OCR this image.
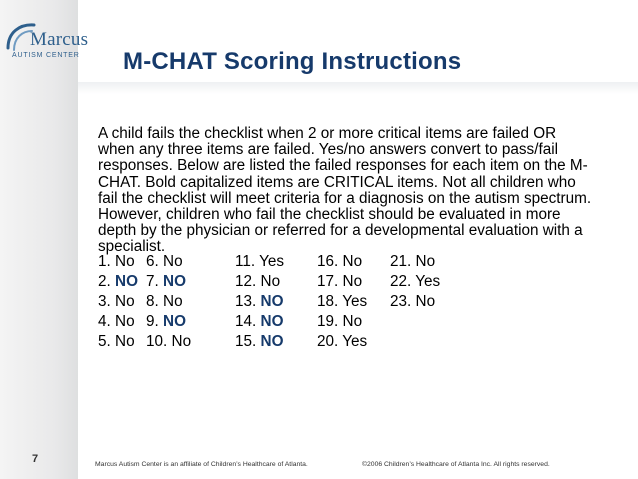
Marcus
AUTISM CENTER M-CHAT Scoring Instructions
A child fails the checklist when 2 or more critical items are failed OR
when any three items are failed. Yes/no answers convert to pass/fail
responses. Below are listed the failed responses for each item on the M-
CHAT. Bold capitalized items are CRITICAL items. Not all children who
fail the checklist will meet criteria for a diagnosis on the autism spectrum.
However, children who fail the checklist should be evaluated in more
depth by the physician or referred for a developmental evaluation with a
specialist.
1. No 6. No	11. Yes 16. No 21. No
2. NO 7. NO	12. No 17. No 22. Yes
3. No 8. No	13. NO 18. Yes 23. No
4. No 9. NO	14. NO 19. No
5. No 10. No	15. NO 20. Yes
7	Marcus Autism Center is an affiliate of Children’s Healthcare of Atlanta.	©2006 Children’s Healthcare of Atlanta Inc. All rights reserved.
